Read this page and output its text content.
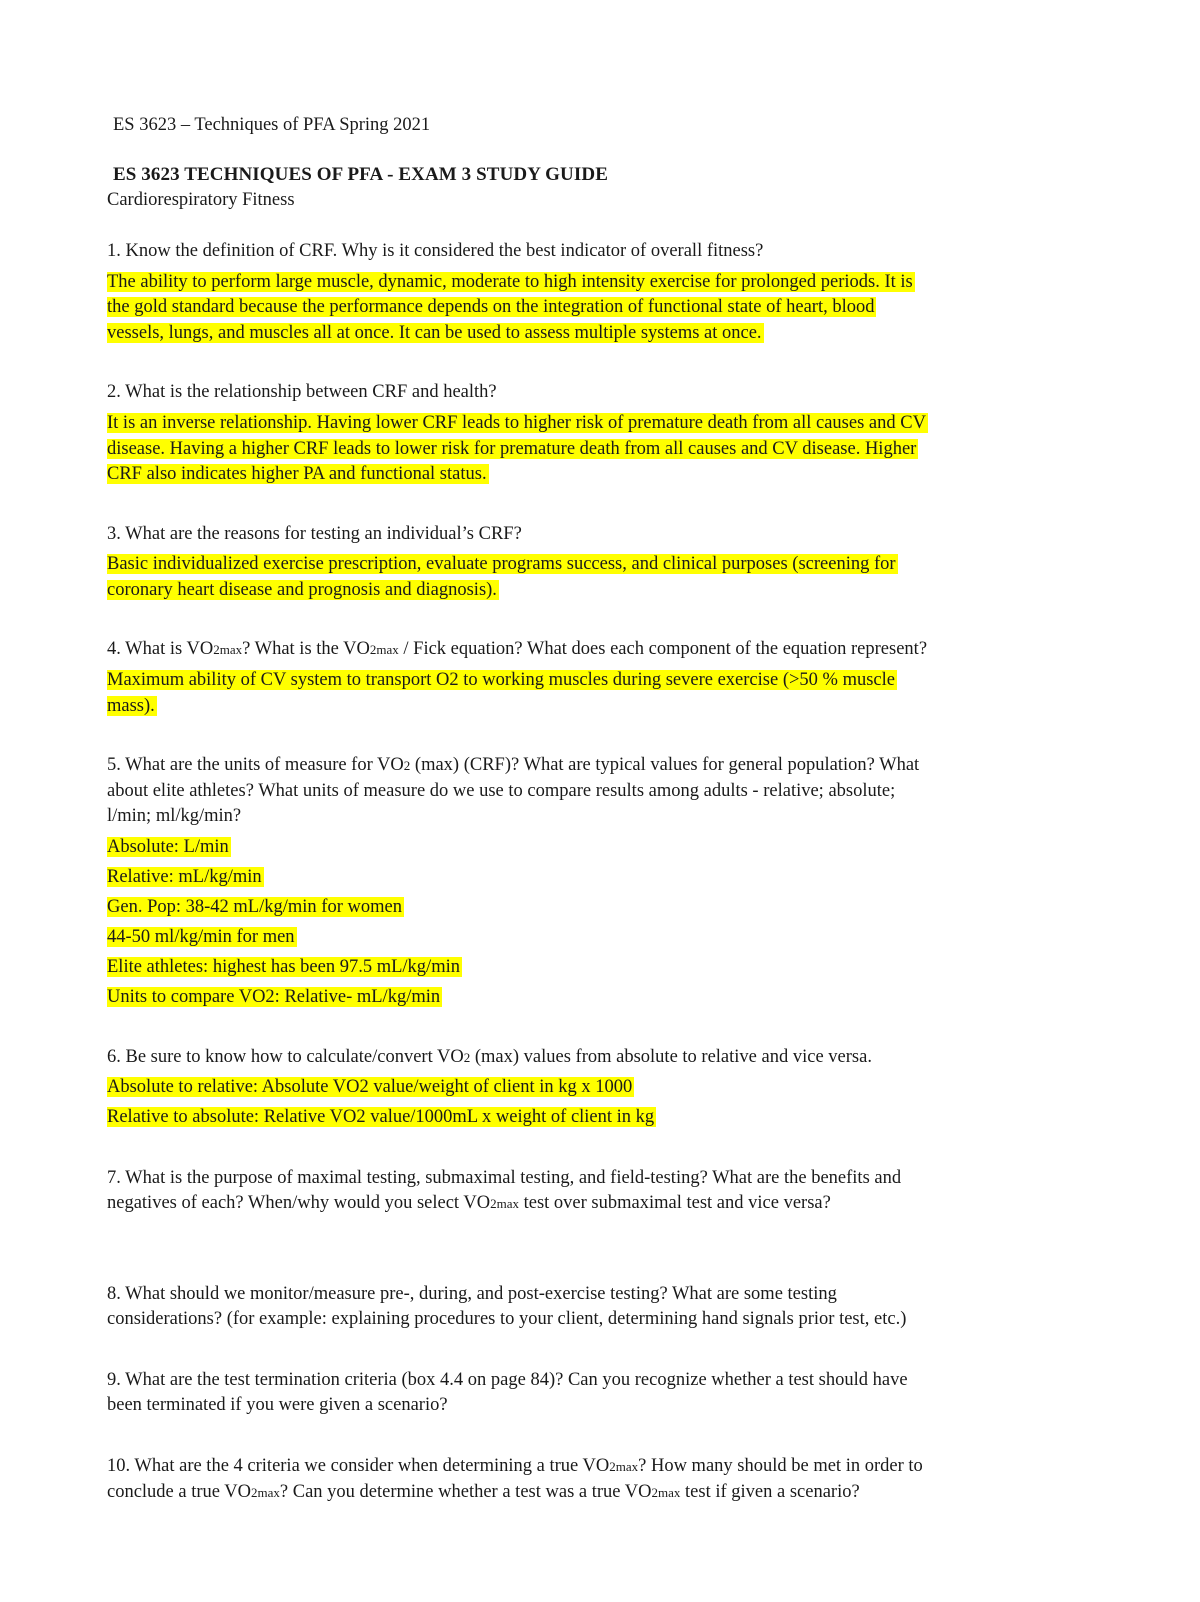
ES 3623 – Techniques of PFA Spring 2021
ES 3623 TECHNIQUES OF PFA - EXAM 3 STUDY GUIDE
Cardiorespiratory Fitness
1. Know the definition of CRF. Why is it considered the best indicator of overall fitness?
The ability to perform large muscle, dynamic, moderate to high intensity exercise for prolonged periods. It is
the gold standard because the performance depends on the integration of functional state of heart, blood
vessels, lungs, and muscles all at once. It can be used to assess multiple systems at once.
2. What is the relationship between CRF and health?
It is an inverse relationship. Having lower CRF leads to higher risk of premature death from all causes and CV
disease. Having a higher CRF leads to lower risk for premature death from all causes and CV disease. Higher
CRF also indicates higher PA and functional status.
3. What are the reasons for testing an individual’s CRF?
Basic individualized exercise prescription, evaluate programs success, and clinical purposes (screening for
coronary heart disease and prognosis and diagnosis).
4. What is VO2max? What is the VO2max / Fick equation? What does each component of the equation represent?
Maximum ability of CV system to transport O2 to working muscles during severe exercise (>50 % muscle
mass).
5. What are the units of measure for VO2 (max) (CRF)? What are typical values for general population? What
about elite athletes? What units of measure do we use to compare results among adults - relative; absolute;
l/min; ml/kg/min?
Absolute: L/min
Relative: mL/kg/min
Gen. Pop: 38-42 mL/kg/min for women
44-50 ml/kg/min for men
Elite athletes: highest has been 97.5 mL/kg/min
Units to compare VO2: Relative- mL/kg/min
6. Be sure to know how to calculate/convert VO2 (max) values from absolute to relative and vice versa.
Absolute to relative: Absolute VO2 value/weight of client in kg x 1000
Relative to absolute: Relative VO2 value/1000mL x weight of client in kg
7. What is the purpose of maximal testing, submaximal testing, and field-testing? What are the benefits and
negatives of each? When/why would you select VO2max test over submaximal test and vice versa?
8. What should we monitor/measure pre-, during, and post-exercise testing? What are some testing
considerations? (for example: explaining procedures to your client, determining hand signals prior test, etc.)
9. What are the test termination criteria (box 4.4 on page 84)? Can you recognize whether a test should have
been terminated if you were given a scenario?
10. What are the 4 criteria we consider when determining a true VO2max? How many should be met in order to
conclude a true VO2max? Can you determine whether a test was a true VO2max test if given a scenario?
